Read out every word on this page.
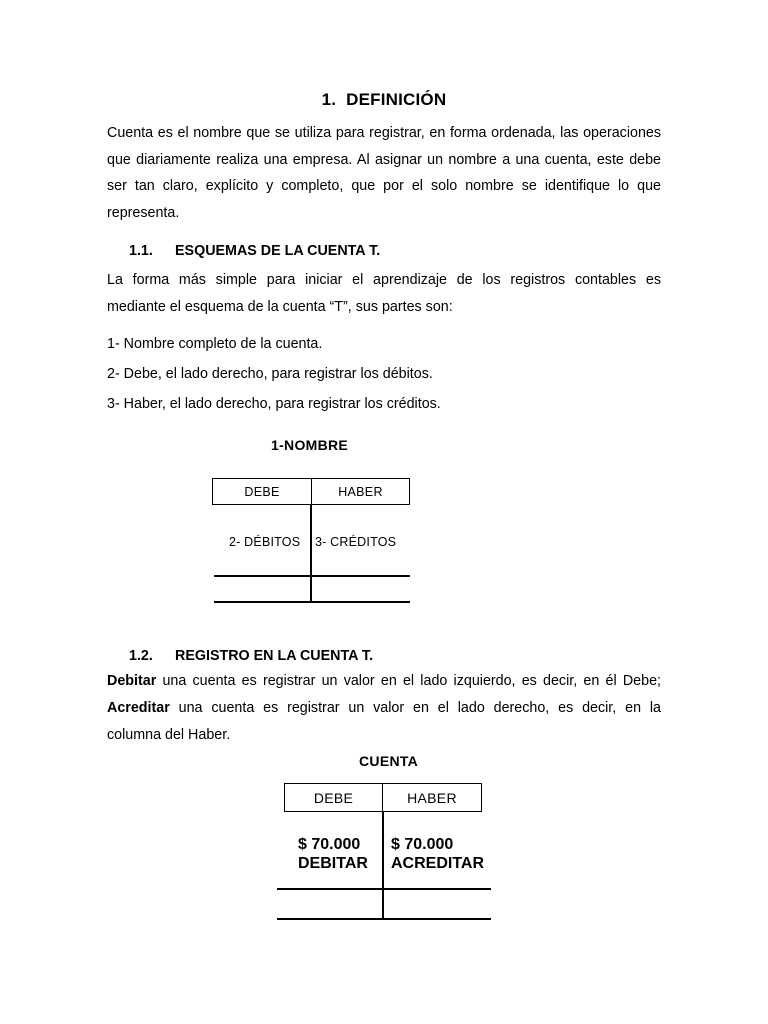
1. DEFINICIÓN
Cuenta es el nombre que se utiliza para registrar, en forma ordenada, las operaciones que diariamente realiza una empresa. Al asignar un nombre a una cuenta, este debe ser tan claro, explícito y completo, que por el solo nombre se identifique lo que representa.
1.1. ESQUEMAS DE LA CUENTA T.
La forma más simple para iniciar el aprendizaje de los registros contables es
mediante el esquema de la cuenta “T”, sus partes son:
1- Nombre completo de la cuenta.
2- Debe, el lado derecho, para registrar los débitos.
3- Haber, el lado derecho, para registrar los créditos.
1-NOMBRE
DEBE	HABER
2- DÉBITOS 3- CRÉDITOS
1.2. REGISTRO EN LA CUENTA T.
Debitar una cuenta es registrar un valor en el lado izquierdo, es decir, en él Debe;
Acreditar una cuenta es registrar un valor en el lado derecho, es decir, en la
columna del Haber.
CUENTA
DEBE	HABER
$ 70.000
DEBITAR
$ 70.000
ACREDITAR
